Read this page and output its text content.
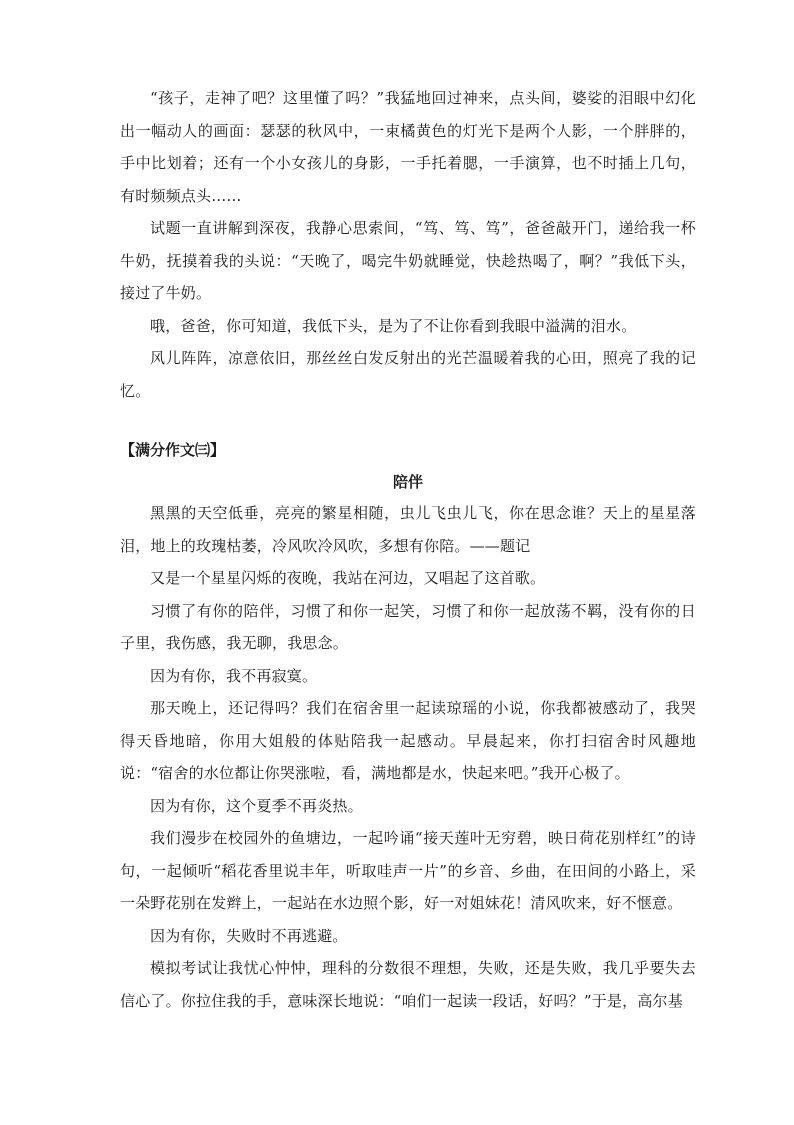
“孩子，走神了吧？这里懂了吗？”我猛地回过神来，点头间，婆娑的泪眼中幻化出一幅动人的画面：瑟瑟的秋风中，一束橘黄色的灯光下是两个人影，一个胖胖的，手中比划着；还有一个小女孩儿的身影，一手托着腮，一手演算，也不时插上几句，有时频频点头……

试题一直讲解到深夜，我静心思索间，“笃、笃、笃”，爸爸敲开门，递给我一杯牛奶，抚摸着我的头说：“天晚了，喝完牛奶就睡觉，快趁热喝了，啊？”我低下头，接过了牛奶。

哦，爸爸，你可知道，我低下头，是为了不让你看到我眼中溢满的泪水。

风儿阵阵，凉意依旧，那丝丝白发反射出的光芒温暖着我的心田，照亮了我的记忆。

【满分作文㈢】
陪伴

黑黑的天空低垂，亮亮的繁星相随，虫儿飞虫儿飞，你在思念谁？天上的星星落泪，地上的玫瑰枯萎，冷风吹冷风吹，多想有你陪。——题记

又是一个星星闪烁的夜晚，我站在河边，又唱起了这首歌。

习惯了有你的陪伴，习惯了和你一起笑，习惯了和你一起放荡不羁，没有你的日子里，我伤感，我无聊，我思念。

因为有你，我不再寂寞。

那天晚上，还记得吗？我们在宿舍里一起读琼瑶的小说，你我都被感动了，我哭得天昏地暗，你用大姐般的体贴陪我一起感动。早晨起来，你打扫宿舍时风趣地说：“宿舍的水位都让你哭涨啦，看，满地都是水，快起来吧。”我开心极了。

因为有你，这个夏季不再炎热。

我们漫步在校园外的鱼塘边，一起吟诵“接天莲叶无穷碧，映日荷花别样红”的诗句，一起倾听“稻花香里说丰年，听取哇声一片”的乡音、乡曲，在田间的小路上，采一朵野花别在发辫上，一起站在水边照个影，好一对姐妹花！清风吹来，好不惬意。

因为有你，失败时不再逃避。

模拟考试让我忧心忡忡，理科的分数很不理想，失败，还是失败，我几乎要失去信心了。你拉住我的手，意味深长地说：“咱们一起读一段话，好吗？”于是，高尔基
